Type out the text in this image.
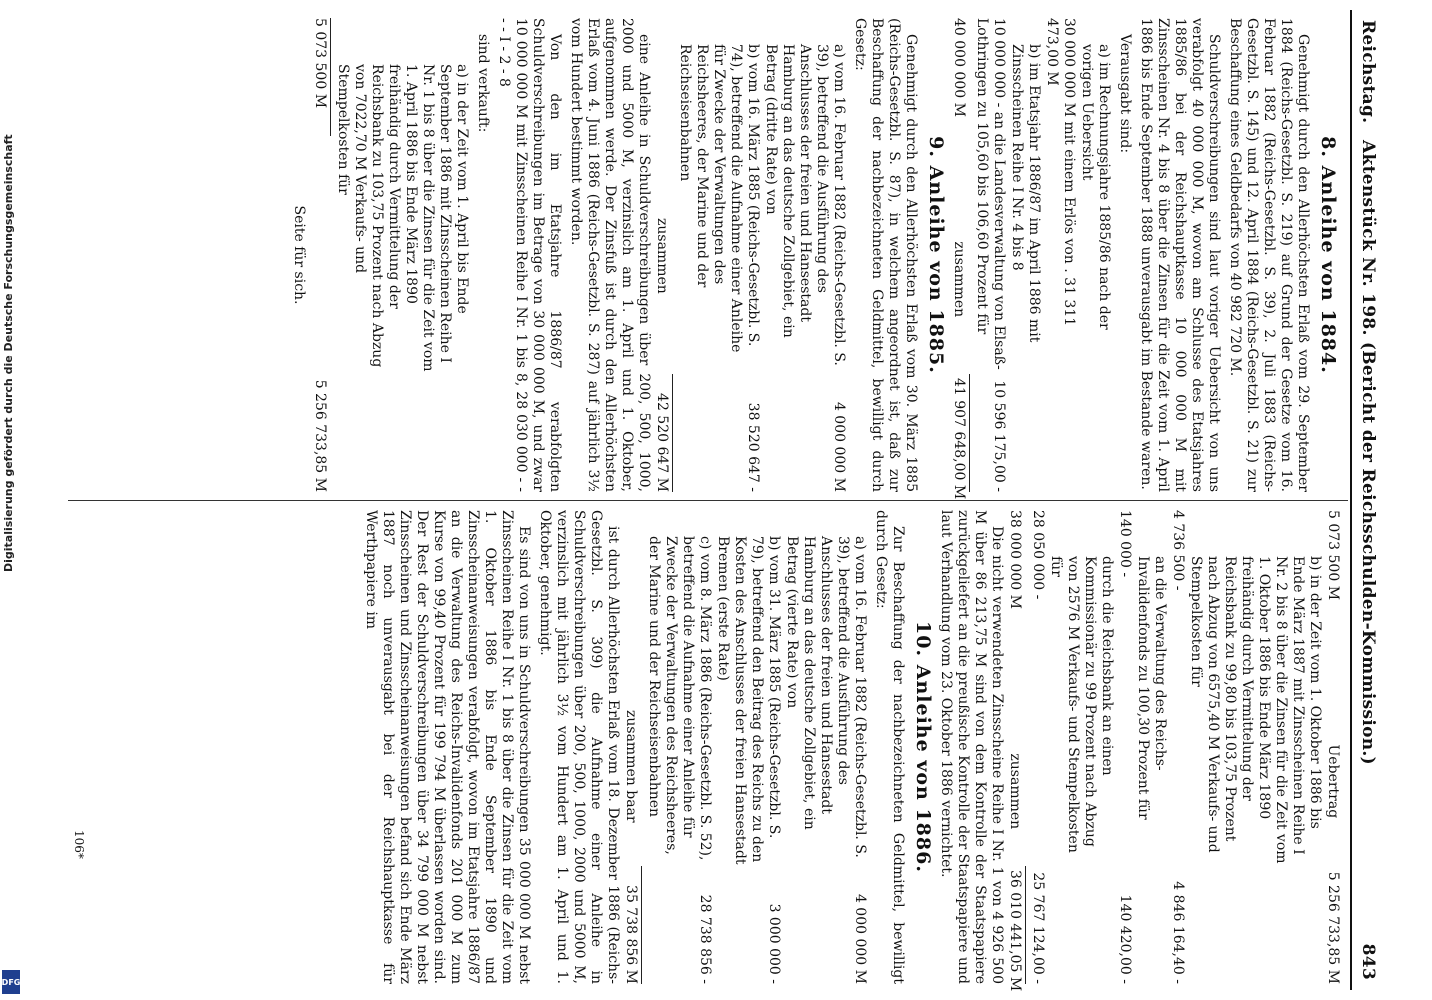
Digitalisierung gefördert durch die Deutsche Forschungsgemeinschaft
DFG
Reichstag.
Aktenstück Nr. 198. (Bericht der Reichsschulden-Kommission.)
843
8. Anleihe von 1884.

Genehmigt durch den Allerhöchsten Erlaß vom 29. September 1884 (Reichs-Gesetzbl. S. 219) auf Grund der Gesetze vom 16. Februar 1882 (Reichs-Gesetzbl. S. 39), 2. Juli 1883 (Reichs-Gesetzbl. S. 145) und 12. April 1884 (Reichs-Gesetzbl. S. 21) zur Beschaffung eines Geldbedarfs von 40 982 720 M.

Schuldverschreibungen sind laut voriger Uebersicht von uns verabfolgt 40 000 000 M, wovon am Schlusse des Etatsjahres 1885/86 bei der Reichshauptkasse 10 000 000 M mit Zinsscheinen Nr. 4 bis 8 über die Zinsen für die Zeit vom 1. April 1886 bis Ende September 1888 unverausgabt im Bestande waren.

Verausgabt sind:

a) im Rechnungsjahre 1885/86 nach der vorigen Uebersicht
30 000 000 M mit einem Erlös von . 31 311 473,00 M
b) im Etatsjahr 1886/87 im April 1886 mit Zinsscheinen Reihe I Nr. 4 bis 8
10 000 000 - an die Landesverwaltung von Elsaß-Lothringen zu 105,60 bis 106,60 Prozent für
10 596 175,00 -
40 000 000 M zusammen
41 907 648,00 M
9. Anleihe von 1885.

Genehmigt durch den Allerhöchsten Erlaß vom 30. März 1885 (Reichs-Gesetzbl. S. 87), in welchem angeordnet ist, daß zur Beschaffung der nachbezeichneten Geldmittel, bewilligt durch Gesetz:

a) vom 16. Februar 1882 (Reichs-Gesetzbl. S. 39), betreffend die Ausführung des Anschlusses der freien und Hansestadt Hamburg an das deutsche Zollgebiet, ein Betrag (dritte Rate) von
4 000 000 M
b) vom 16. März 1885 (Reichs-Gesetzbl. S. 74), betreffend die Aufnahme einer Anleihe für Zwecke der Verwaltungen des Reichsheeres, der Marine und der Reichseisenbahnen
38 520 647 -
zusammen
42 520 647 M

eine Anleihe in Schuldverschreibungen über 200, 500, 1000, 2000 und 5000 M, verzinslich am 1. April und 1. Oktober, aufgenommen werde. Der Zinsfuß ist durch den Allerhöchsten Erlaß vom 4. Juni 1886 (Reichs-Gesetzbl. S. 287) auf jährlich 3½ vom Hundert bestimmt worden.

Von den im Etatsjahre 1886/87 verabfolgten Schuldverschreibungen im Betrage von 30 000 000 M, und zwar 10 000 000 M mit Zinsscheinen Reihe I Nr. 1 bis 8, 28 030 000 - - - - I - 2 - 8

sind verkauft:

a) in der Zeit vom 1. April bis Ende September 1886 mit Zinsscheinen Reihe I Nr. 1 bis 8 über die Zinsen für die Zeit vom 1. April 1886 bis Ende März 1890 freihändig durch Vermittelung der Reichsbank zu 103,75 Prozent nach Abzug von 7022,70 M Verkaufs- und Stempelkosten für
5 073 500 M
5 256 733,85 M
Seite für sich.
5 073 500 M Uebertrag
5 256 733,85 M
b) in der Zeit vom 1. Oktober 1886 bis Ende März 1887 mit Zinsscheinen Reihe I Nr. 2 bis 8 über die Zinsen für die Zeit vom 1. Oktober 1886 bis Ende März 1890 freihändig durch Vermittelung der Reichsbank zu 99,80 bis 103,75 Prozent nach Abzug von 6575,40 M Verkaufs- und Stempelkosten für
4 736 500 -
4 846 164,40 -
an die Verwaltung des Reichs-Invalidenfonds zu 100,30 Prozent für
140 000 -
140 420,00 -
durch die Reichsbank an einen Kommissionär zu 99 Prozent nach Abzug von 2576 M Verkaufs- und Stempelkosten für
28 050 000 -
25 767 124,00 -
38 000 000 M zusammen
36 010 441,05 M

Die nicht verwendeten Zinsscheine Reihe I Nr. 1 von 4 926 500 M über 86 213,75 M sind von dem Kontrolle der Staatspapiere zurückgeliefert an die preußische Kontrolle der Staatspapiere und laut Verhandlung vom 23. Oktober 1886 vernichtet.

10. Anleihe von 1886.

Zur Beschaffung der nachbezeichneten Geldmittel, bewilligt durch Gesetz:

a) vom 16. Februar 1882 (Reichs-Gesetzbl. S. 39), betreffend die Ausführung des Anschlusses der freien und Hansestadt Hamburg an das deutsche Zollgebiet, ein Betrag (vierte Rate) von
4 000 000 M
b) vom 31. März 1885 (Reichs-Gesetzbl. S. 79), betreffend den Beitrag des Reichs zu den Kosten des Anschlusses der freien Hansestadt Bremen (erste Rate)
3 000 000 -
c) vom 8. März 1886 (Reichs-Gesetzbl. S. 52), betreffend die Aufnahme einer Anleihe für Zwecke der Verwaltungen des Reichsheeres, der Marine und der Reichseisenbahnen
28 738 856 -
zusammen baar
35 738 856 M

ist durch Allerhöchsten Erlaß vom 18. Dezember 1886 (Reichs-Gesetzbl. S. 309) die Aufnahme einer Anleihe in Schuldverschreibungen über 200, 500, 1000, 2000 und 5000 M, verzinslich mit jährlich 3½ vom Hundert am 1. April und 1. Oktober, genehmigt.

Es sind von uns in Schuldverschreibungen 35 000 000 M nebst Zinsscheinen Reihe I Nr. 1 bis 8 über die Zinsen für die Zeit vom 1. Oktober 1886 bis Ende September 1890 und Zinsscheinanweisungen verabfolgt, wovon im Etatsjahre 1886/87 an die Verwaltung des Reichs-Invalidenfonds 201 000 M zum Kurse von 99,40 Prozent für 199 794 M überlassen worden sind. Der Rest der Schuldverschreibungen über 34 799 000 M nebst Zinsscheinen und Zinsscheinanweisungen befand sich Ende März 1887 noch unverausgabt bei der Reichshauptkasse für Werthpapiere im

106*
